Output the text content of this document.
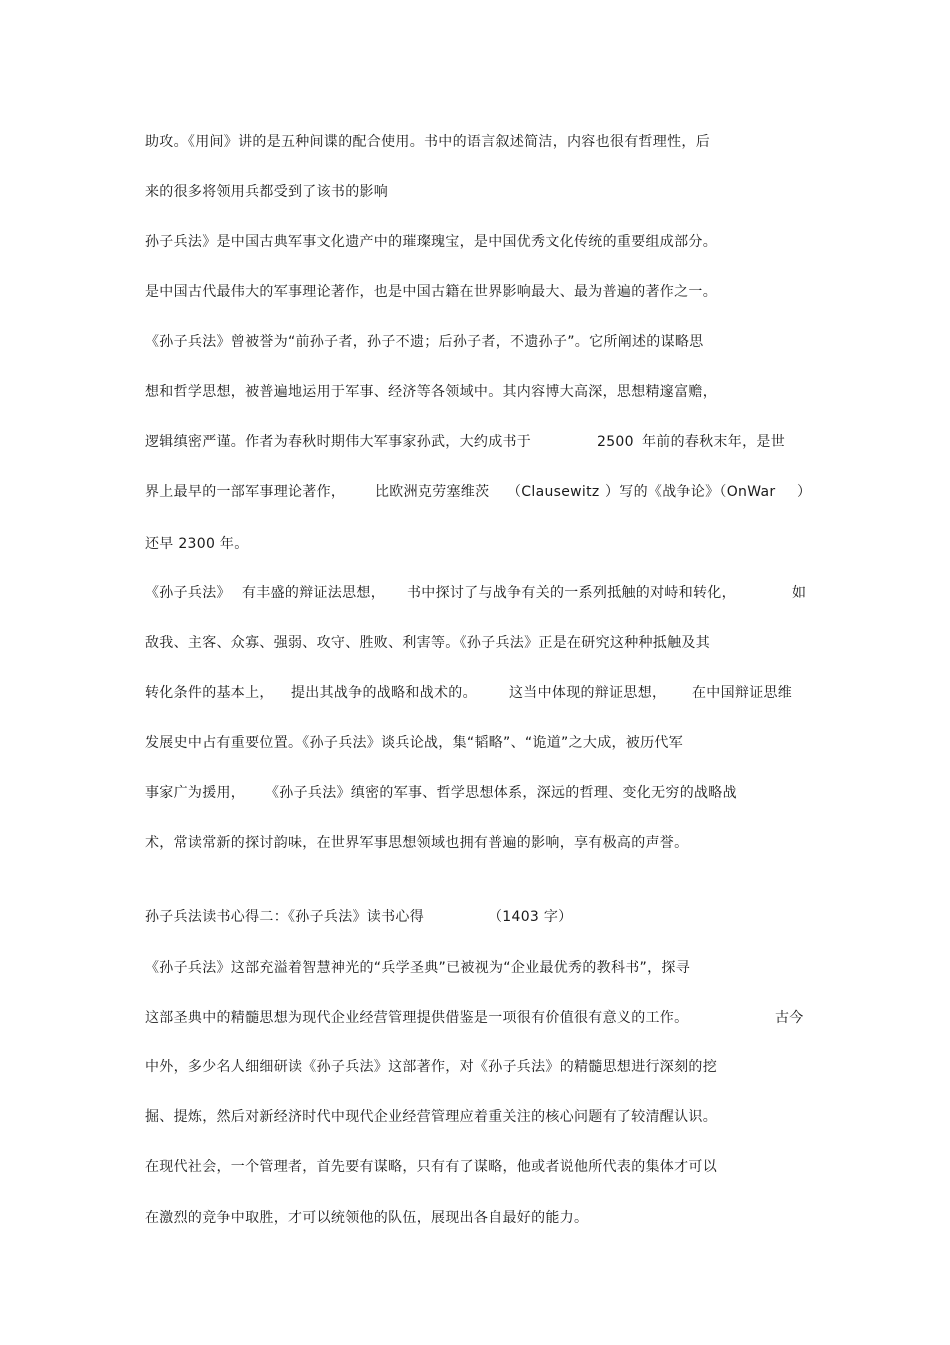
助攻。《用间》讲的是五种间谍的配合使用。书中的语言叙述简洁，内容也很有哲理性，后
来的很多将领用兵都受到了该书的影响
孙子兵法》是中国古典军事文化遗产中的璀璨瑰宝，是中国优秀文化传统的重要组成部分。
是中国古代最伟大的军事理论著作，也是中国古籍在世界影响最大、最为普遍的著作之一。
《孙子兵法》曾被誉为“前孙子者，孙子不遗；后孙子者，不遗孙子”。它所阐述的谋略思
想和哲学思想，被普遍地运用于军事、经济等各领域中。其内容博大高深，思想精邃富赡，
逻辑缜密严谨。作者为春秋时期伟大军事家孙武，大约成书于	2500 年前的春秋末年，是世
界上最早的一部军事理论著作， 比欧洲克劳塞维茨 （Clausewitz ）写的《战争论》（OnWar ）
还早 2300 年。
《孙子兵法》 有丰盛的辩证法思想， 书中探讨了与战争有关的一系列抵触的对峙和转化，	如
敌我、主客、众寡、强弱、攻守、胜败、利害等。《孙子兵法》正是在研究这种种抵触及其
转化条件的基本上， 提出其战争的战略和战术的。 这当中体现的辩证思想， 在中国辩证思维
发展史中占有重要位置。《孙子兵法》谈兵论战，集“韬略”、“诡道”之大成，被历代军
事家广为援用， 《孙子兵法》缜密的军事、哲学思想体系，深远的哲理、变化无穷的战略战
术，常读常新的探讨韵味，在世界军事思想领域也拥有普遍的影响，享有极高的声誉。
孙子兵法读书心得二：《孙子兵法》读书心得	（1403 字）
《孙子兵法》这部充溢着智慧神光的“兵学圣典”已被视为“企业最优秀的教科书”，探寻
这部圣典中的精髓思想为现代企业经营管理提供借鉴是一项很有价值很有意义的工作。	古今
中外，多少名人细细研读《孙子兵法》这部著作，对《孙子兵法》的精髓思想进行深刻的挖
掘、提炼，然后对新经济时代中现代企业经营管理应着重关注的核心问题有了较清醒认识。
在现代社会，一个管理者，首先要有谋略，只有有了谋略，他或者说他所代表的集体才可以
在激烈的竞争中取胜，才可以统领他的队伍，展现出各自最好的能力。
